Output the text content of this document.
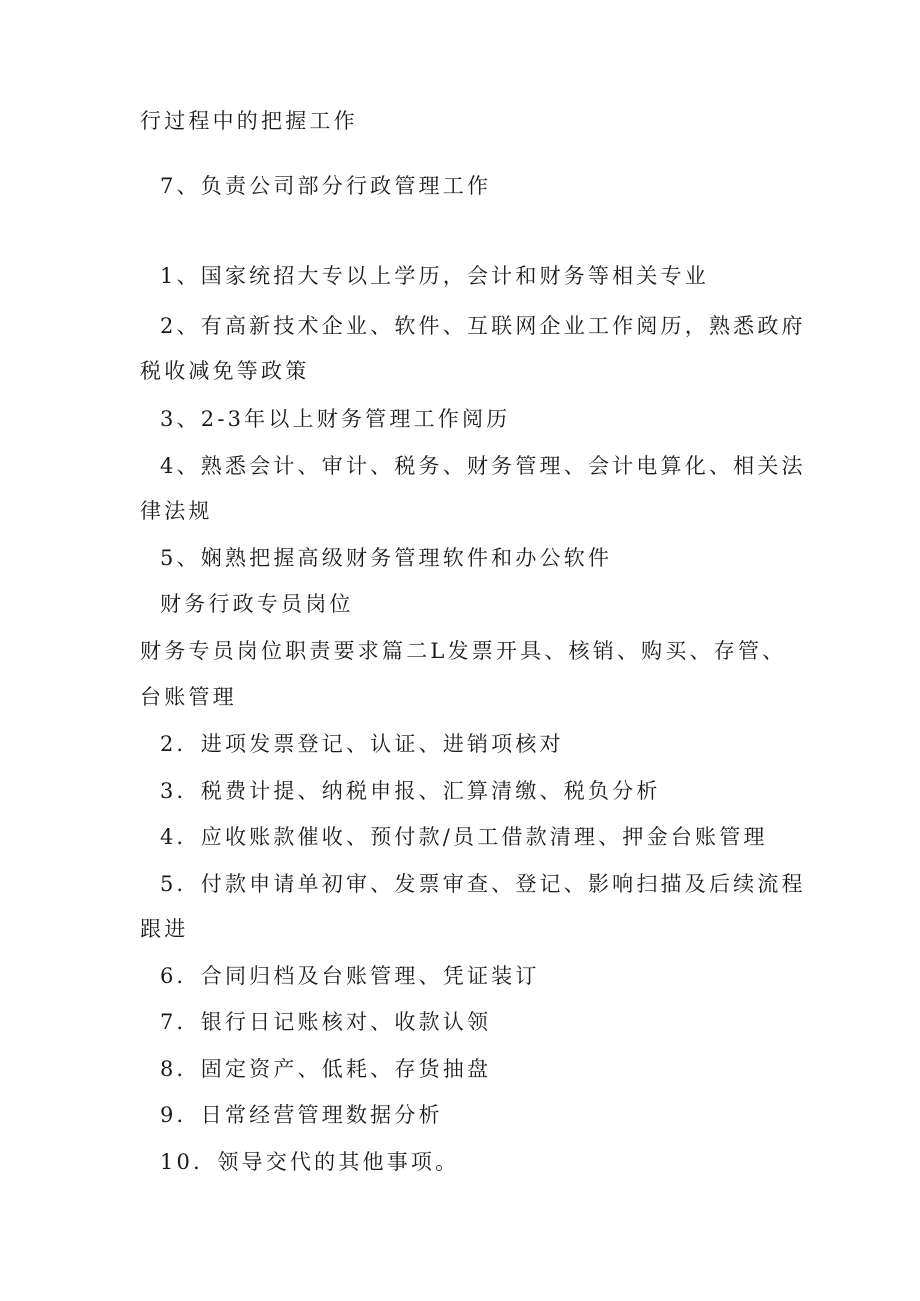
行过程中的把握工作
7、负责公司部分行政管理工作
1、国家统招大专以上学历，会计和财务等相关专业
2、有高新技术企业、软件、互联网企业工作阅历，熟悉政府
税收减免等政策
3、2-3年以上财务管理工作阅历
4、熟悉会计、审计、税务、财务管理、会计电算化、相关法
律法规
5、娴熟把握高级财务管理软件和办公软件
财务行政专员岗位
财务专员岗位职责要求篇二L发票开具、核销、购买、存管、
台账管理
2．进项发票登记、认证、进销项核对
3．税费计提、纳税申报、汇算清缴、税负分析
4．应收账款催收、预付款/员工借款清理、押金台账管理
5．付款申请单初审、发票审查、登记、影响扫描及后续流程
跟进
6．合同归档及台账管理、凭证装订
7．银行日记账核对、收款认领
8．固定资产、低耗、存货抽盘
9．日常经营管理数据分析
10．领导交代的其他事项。
